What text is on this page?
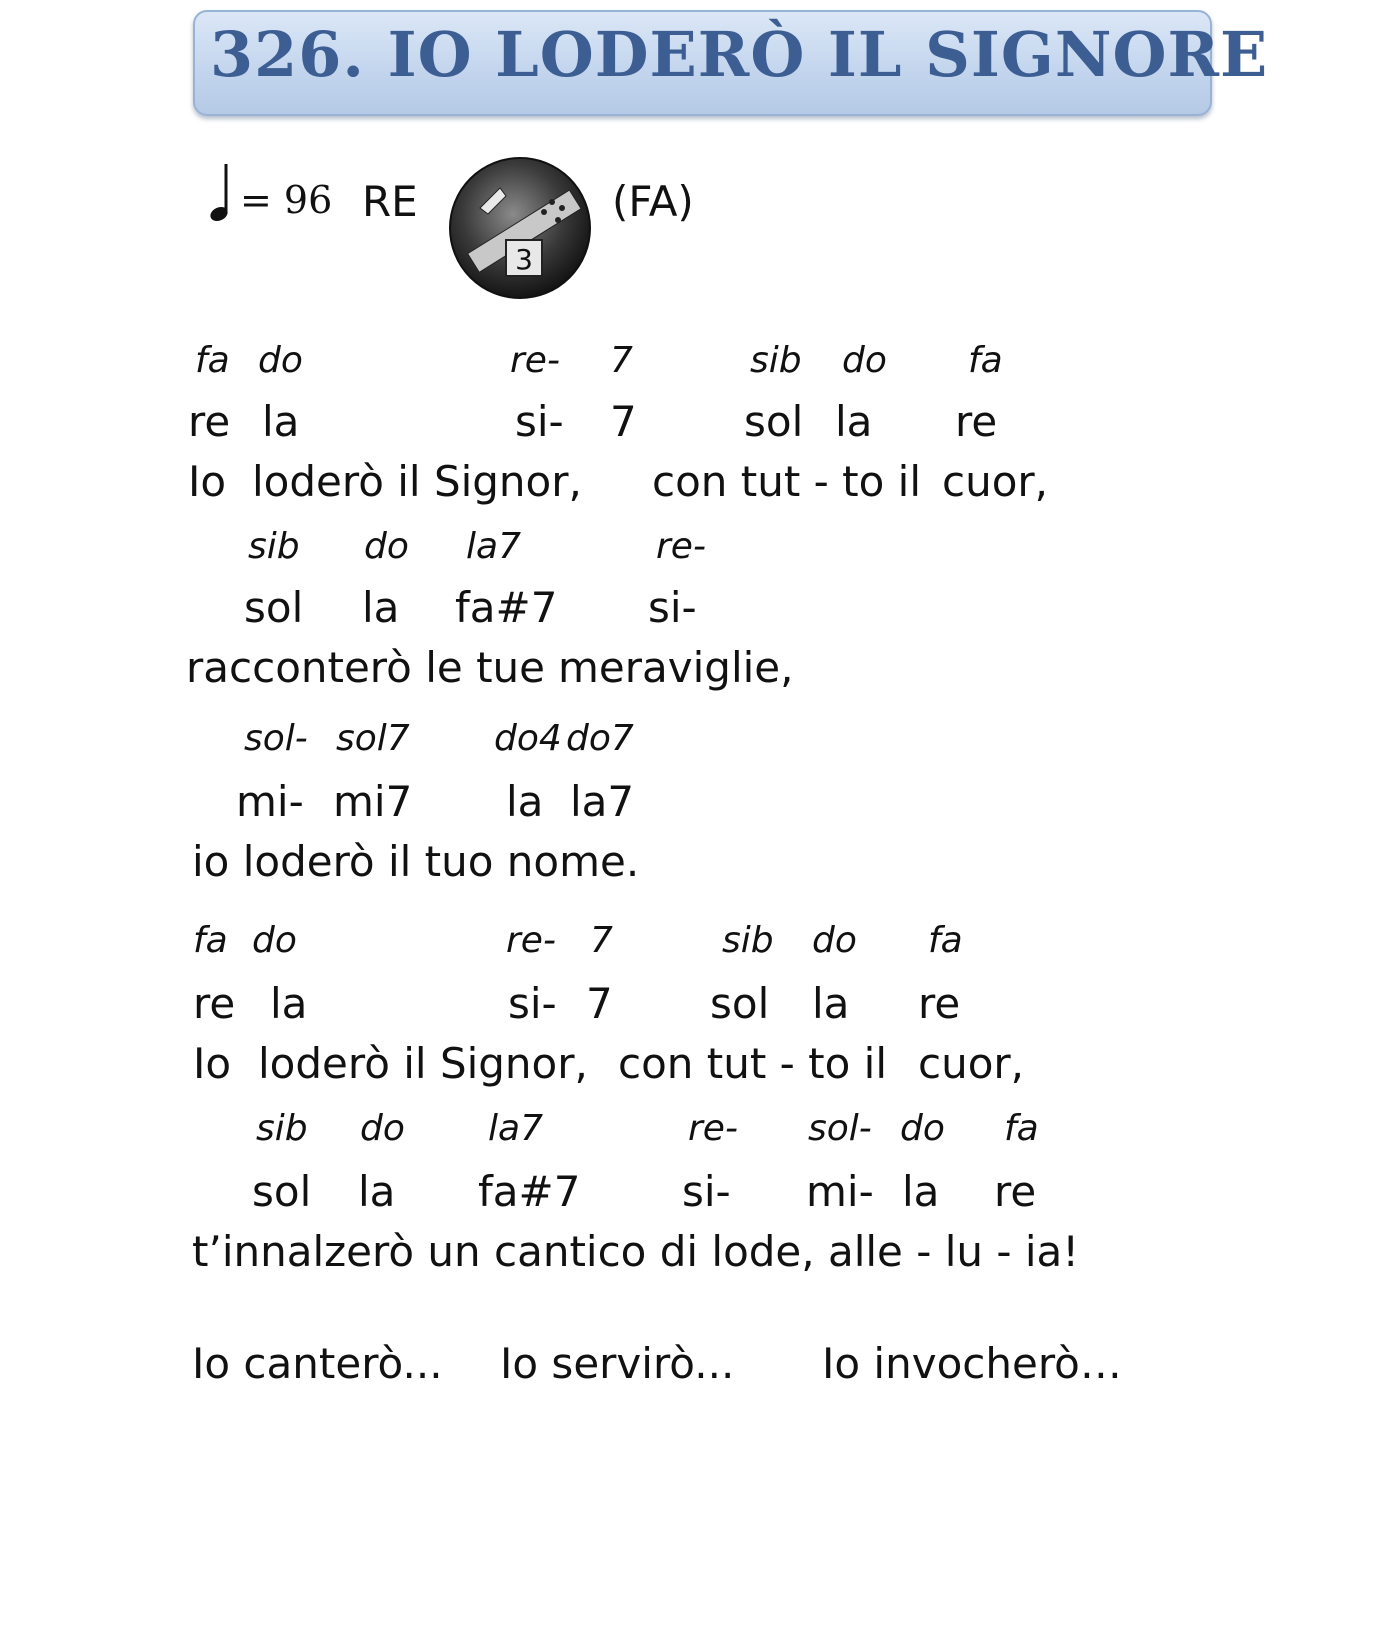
326. IO LODERÒ IL SIGNORE
= 96 RE
3
(FA)
fa do	re- 7	sib do fa
re la	si- 7	sol la re
Io loderò il Signor, con tut - to il cuor,
sib do la7	re-
sol la fa#7 si-
racconterò le tue meraviglie,
sol- sol7 do4 do7
mi- mi7 la la7
io loderò il tuo nome.
fa do	re- 7	sib do fa
re la	si- 7 sol la re
Io loderò il Signor, con tut - to il cuor,
sib do la7	re- sol- do fa
sol la fa#7 si- mi- la re
t’innalzerò un cantico di lode, alle - lu - ia!
Io canterò... Io servirò... Io invocherò…
